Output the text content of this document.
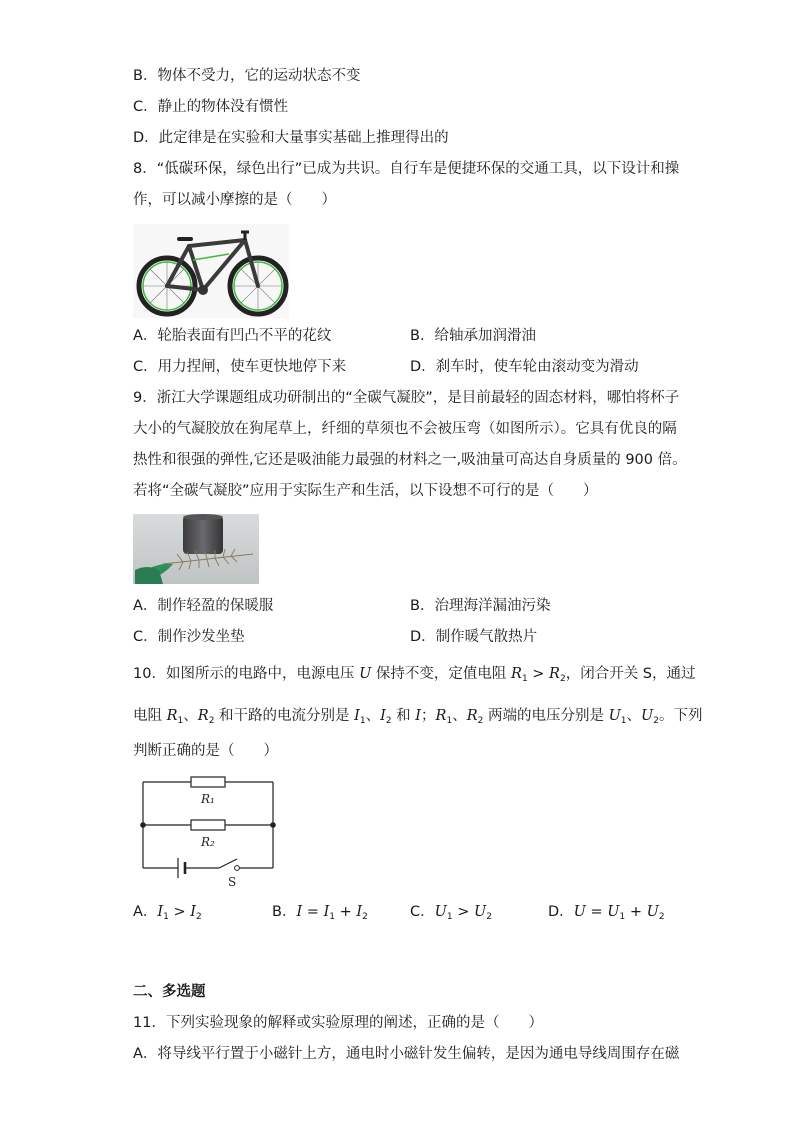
B．物体不受力，它的运动状态不变
C．静止的物体没有惯性
D．此定律是在实验和大量事实基础上推理得出的
8．“低碳环保，绿色出行”已成为共识。自行车是便捷环保的交通工具，以下设计和操
作，可以减小摩擦的是（　　）
A．轮胎表面有凹凸不平的花纹	B．给轴承加润滑油
C．用力捏闸，使车更快地停下来	D．刹车时，使车轮由滚动变为滑动
9．浙江大学课题组成功研制出的“全碳气凝胶”，是目前最轻的固态材料，哪怕将杯子
大小的气凝胶放在狗尾草上，纤细的草须也不会被压弯（如图所示）。它具有优良的隔
热性和很强的弹性,它还是吸油能力最强的材料之一,吸油量可高达自身质量的 900 倍。
若将“全碳气凝胶”应用于实际生产和生活，以下设想不可行的是（　　）
A．制作轻盈的保暖服	B．治理海洋漏油污染
C．制作沙发坐垫	D．制作暖气散热片
10．如图所示的电路中，电源电压 U 保持不变，定值电阻 $R_1 > R_2$，闭合开关 S，通过
电阻 $R_1$、$R_2$ 和干路的电流分别是 $I_1$、$I_2$ 和 I；$R_1$、$R_2$ 两端的电压分别是 $U_1$、$U_2$。下列
判断正确的是（　　）
R₁
R₂
S
A．$I_1 > I_2$	B．$I = I_1 + I_2$	C．$U_1 > U_2$	D．$U = U_1 + U_2$
二、多选题
11．下列实验现象的解释或实验原理的阐述，正确的是（　　）
A．将导线平行置于小磁针上方，通电时小磁针发生偏转，是因为通电导线周围存在磁
